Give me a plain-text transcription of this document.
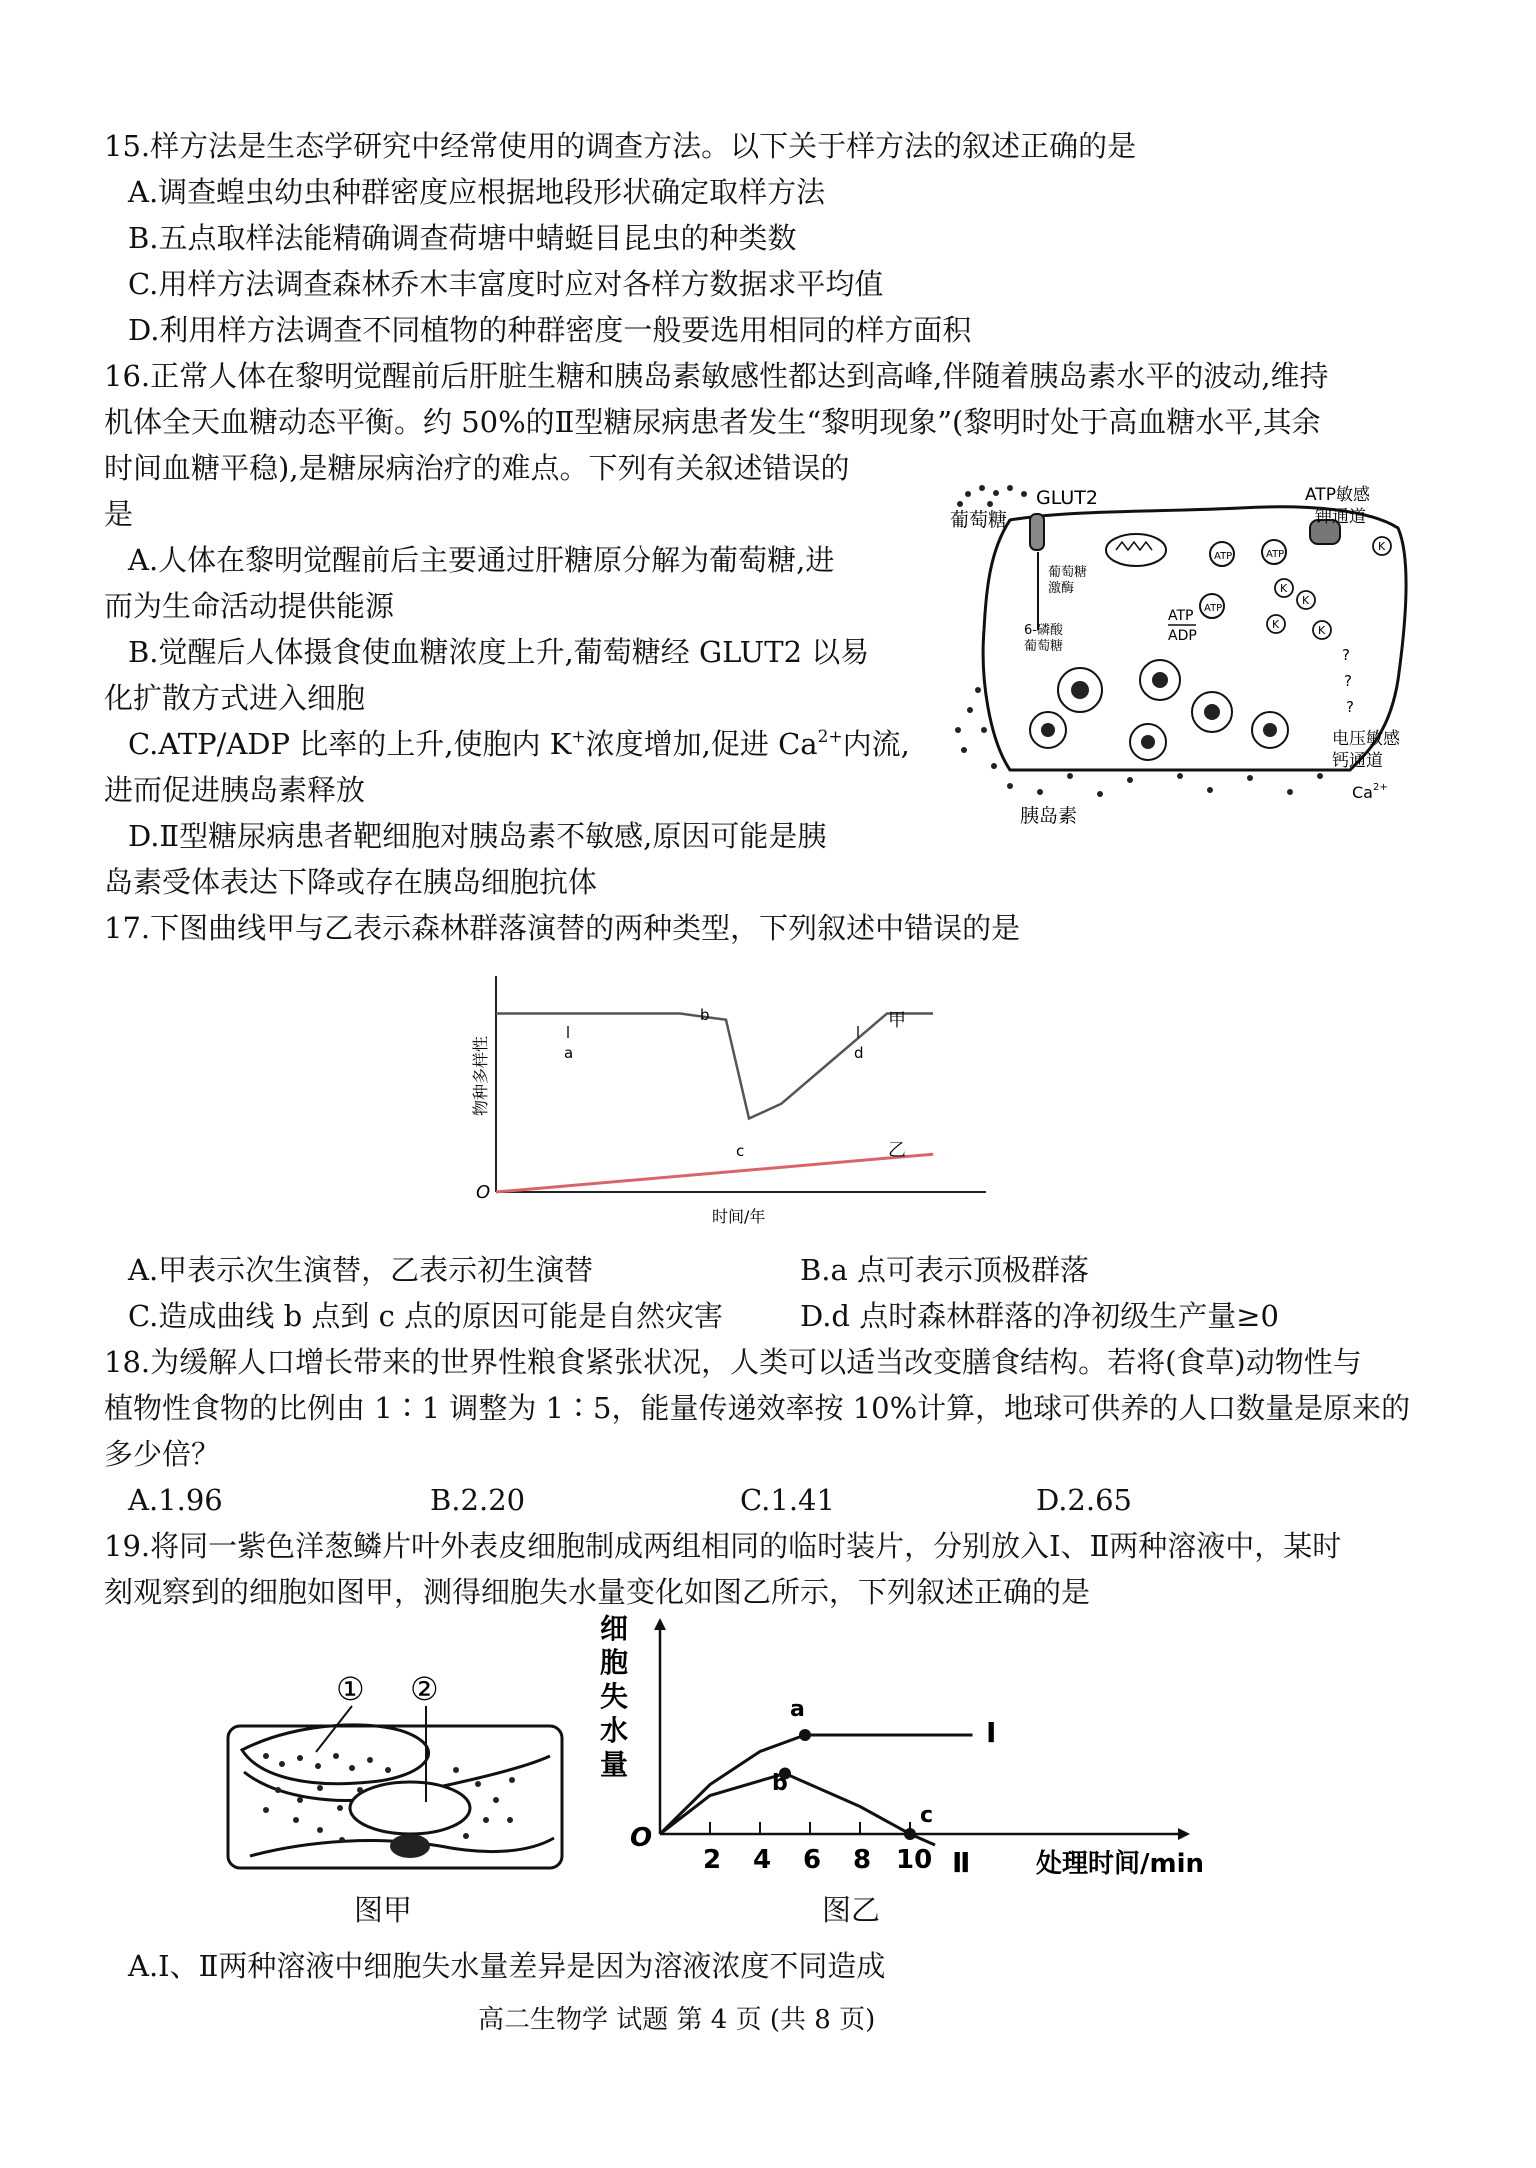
15.样方法是生态学研究中经常使用的调查方法。以下关于样方法的叙述正确的是
A.调查蝗虫幼虫种群密度应根据地段形状确定取样方法
B.五点取样法能精确调查荷塘中蜻蜓目昆虫的种类数
C.用样方法调查森林乔木丰富度时应对各样方数据求平均值
D.利用样方法调查不同植物的种群密度一般要选用相同的样方面积
16.正常人体在黎明觉醒前后肝脏生糖和胰岛素敏感性都达到高峰,伴随着胰岛素水平的波动,维持
机体全天血糖动态平衡。约 50%的Ⅱ型糖尿病患者发生“黎明现象”(黎明时处于高血糖水平,其余
时间血糖平稳),是糖尿病治疗的难点。下列有关叙述错误的
是
A.人体在黎明觉醒前后主要通过肝糖原分解为葡萄糖,进
而为生命活动提供能源
B.觉醒后人体摄食使血糖浓度上升,葡萄糖经 GLUT2 以易
化扩散方式进入细胞
C.ATP/ADP 比率的上升,使胞内 K+浓度增加,促进 $Ca^{2+}$内流,
进而促进胰岛素释放
D.Ⅱ型糖尿病患者靶细胞对胰岛素不敏感,原因可能是胰
岛素受体表达下降或存在胰岛细胞抗体
葡萄糖
GLUT2
葡萄糖
激酶
6-磷酸
葡萄糖
ATP
ADP
ATP
ATP
ATP
ATP敏感
钾通道
K
K
K	K
K
?
?
?
电压敏感
钙通道
$Ca^{2+}$
胰岛素
17.下图曲线甲与乙表示森林群落演替的两种类型，下列叙述中错误的是
物种多样性
时间/年
O
a
b
c
d
甲
乙
A.甲表示次生演替，乙表示初生演替	B.a 点可表示顶极群落
C.造成曲线 b 点到 c 点的原因可能是自然灾害	D.d 点时森林群落的净初级生产量≥0
18.为缓解人口增长带来的世界性粮食紧张状况，人类可以适当改变膳食结构。若将(食草)动物性与
植物性食物的比例由 1∶1 调整为 1∶5，能量传递效率按 10%计算，地球可供养的人口数量是原来的
多少倍？
A.1.96	B.2.20	C.1.41	D.2.65
19.将同一紫色洋葱鳞片叶外表皮细胞制成两组相同的临时装片，分别放入Ⅰ、Ⅱ两种溶液中，某时
刻观察到的细胞如图甲，测得细胞失水量变化如图乙所示，下列叙述正确的是
① ②
O
处理时间/min
细
胞
失
水
量
2 4 6 8 10
a
b
c
Ⅰ
Ⅱ
图甲	图乙
A.Ⅰ、Ⅱ两种溶液中细胞失水量差异是因为溶液浓度不同造成
高二生物学 试题 第 4 页 (共 8 页)
